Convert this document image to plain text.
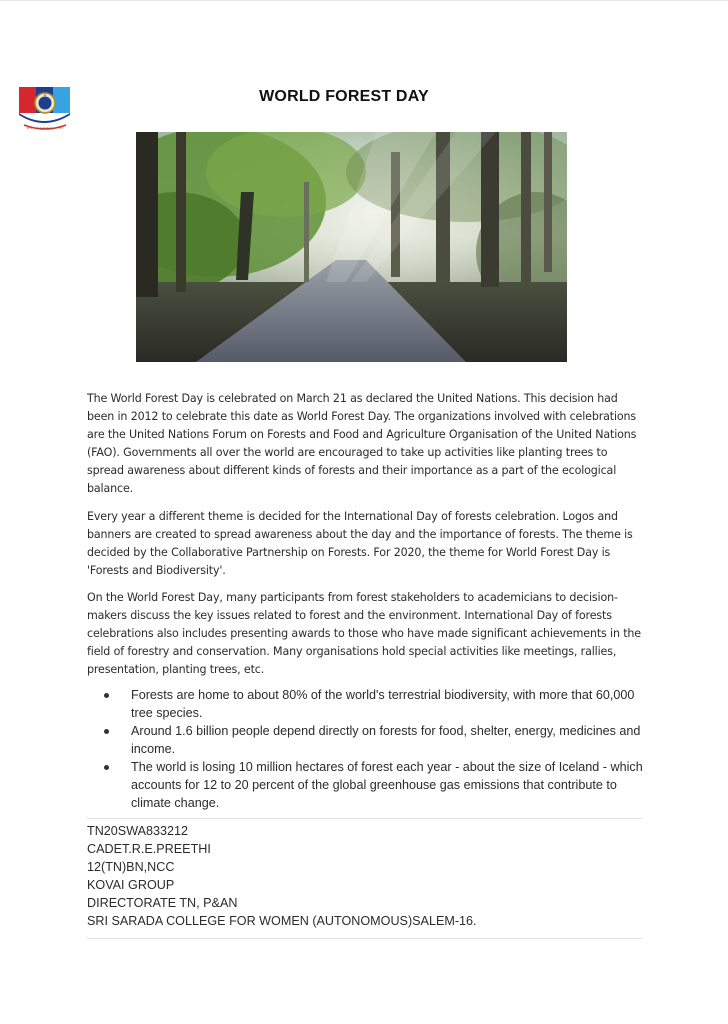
WORLD FOREST DAY

The World Forest Day is celebrated on March 21 as declared the United Nations. This decision had been in 2012 to celebrate this date as World Forest Day. The organizations involved with celebrations are the United Nations Forum on Forests and Food and Agriculture Organisation of the United Nations (FAO). Governments all over the world are encouraged to take up activities like planting trees to spread awareness about different kinds of forests and their importance as a part of the ecological balance.

Every year a different theme is decided for the International Day of forests celebration. Logos and banners are created to spread awareness about the day and the importance of forests. The theme is decided by the Collaborative Partnership on Forests. For 2020, the theme for World Forest Day is 'Forests and Biodiversity'.

On the World Forest Day, many participants from forest stakeholders to academicians to decision-makers discuss the key issues related to forest and the environment. International Day of forests celebrations also includes presenting awards to those who have made significant achievements in the field of forestry and conservation. Many organisations hold special activities like meetings, rallies, presentation, planting trees, etc.

Forests are home to about 80% of the world's terrestrial biodiversity, with more that 60,000 tree species.
Around 1.6 billion people depend directly on forests for food, shelter, energy, medicines and income.
The world is losing 10 million hectares of forest each year - about the size of Iceland - which accounts for 12 to 20 percent of the global greenhouse gas emissions that contribute to climate change.
TN20SWA833212
CADET.R.E.PREETHI
12(TN)BN,NCC
KOVAI GROUP
DIRECTORATE TN, P&AN
SRI SARADA COLLEGE FOR WOMEN (AUTONOMOUS)SALEM-16.
